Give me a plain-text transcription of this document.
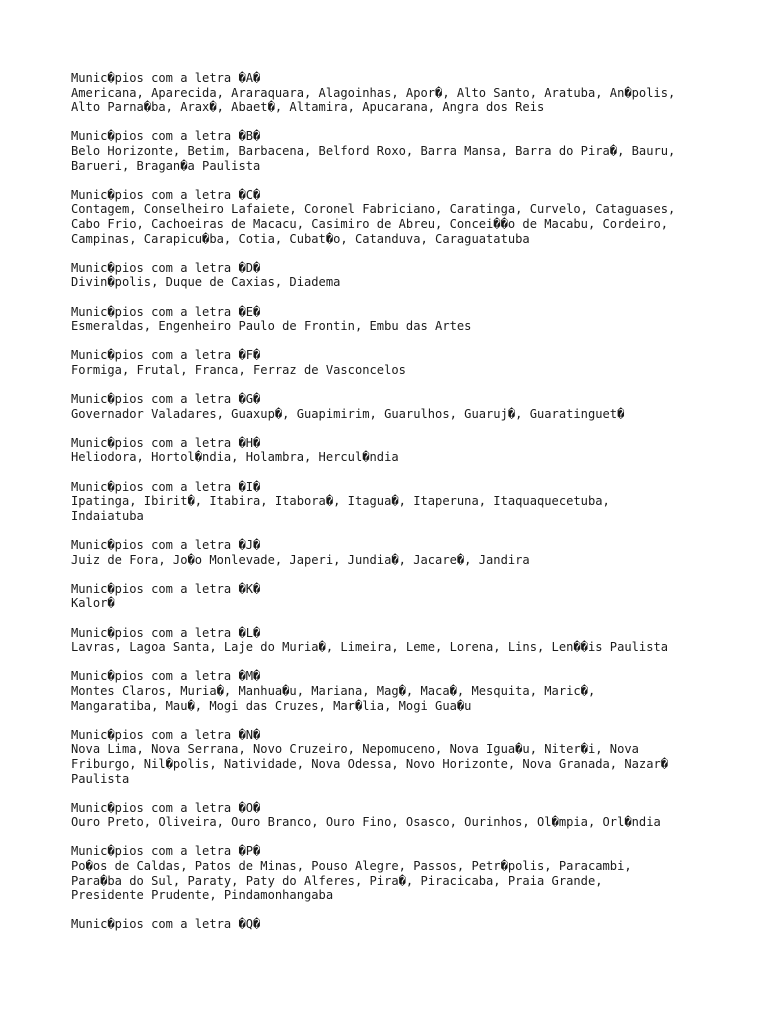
Munic�pios com a letra �A�

Americana, Aparecida, Araraquara, Alagoinhas, Apor�, Alto Santo, Aratuba, An�polis,
Alto Parna�ba, Arax�, Abaet�, Altamira, Apucarana, Angra dos Reis

Munic�pios com a letra �B�

Belo Horizonte, Betim, Barbacena, Belford Roxo, Barra Mansa, Barra do Pira�, Bauru,
Barueri, Bragan�a Paulista

Munic�pios com a letra �C�

Contagem, Conselheiro Lafaiete, Coronel Fabriciano, Caratinga, Curvelo, Cataguases,
Cabo Frio, Cachoeiras de Macacu, Casimiro de Abreu, Concei��o de Macabu, Cordeiro,
Campinas, Carapicu�ba, Cotia, Cubat�o, Catanduva, Caraguatatuba

Munic�pios com a letra �D�

Divin�polis, Duque de Caxias, Diadema

Munic�pios com a letra �E�

Esmeraldas, Engenheiro Paulo de Frontin, Embu das Artes

Munic�pios com a letra �F�

Formiga, Frutal, Franca, Ferraz de Vasconcelos

Munic�pios com a letra �G�

Governador Valadares, Guaxup�, Guapimirim, Guarulhos, Guaruj�, Guaratinguet�

Munic�pios com a letra �H�

Heliodora, Hortol�ndia, Holambra, Hercul�ndia

Munic�pios com a letra �I�

Ipatinga, Ibirit�, Itabira, Itabora�, Itagua�, Itaperuna, Itaquaquecetuba,
Indaiatuba

Munic�pios com a letra �J�

Juiz de Fora, Jo�o Monlevade, Japeri, Jundia�, Jacare�, Jandira

Munic�pios com a letra �K�

Kalor�

Munic�pios com a letra �L�

Lavras, Lagoa Santa, Laje do Muria�, Limeira, Leme, Lorena, Lins, Len��is Paulista

Munic�pios com a letra �M�

Montes Claros, Muria�, Manhua�u, Mariana, Mag�, Maca�, Mesquita, Maric�,
Mangaratiba, Mau�, Mogi das Cruzes, Mar�lia, Mogi Gua�u

Munic�pios com a letra �N�

Nova Lima, Nova Serrana, Novo Cruzeiro, Nepomuceno, Nova Igua�u, Niter�i, Nova
Friburgo, Nil�polis, Natividade, Nova Odessa, Novo Horizonte, Nova Granada, Nazar�
Paulista

Munic�pios com a letra �O�

Ouro Preto, Oliveira, Ouro Branco, Ouro Fino, Osasco, Ourinhos, Ol�mpia, Orl�ndia

Munic�pios com a letra �P�

Po�os de Caldas, Patos de Minas, Pouso Alegre, Passos, Petr�polis, Paracambi,
Para�ba do Sul, Paraty, Paty do Alferes, Pira�, Piracicaba, Praia Grande,
Presidente Prudente, Pindamonhangaba

Munic�pios com a letra �Q�
